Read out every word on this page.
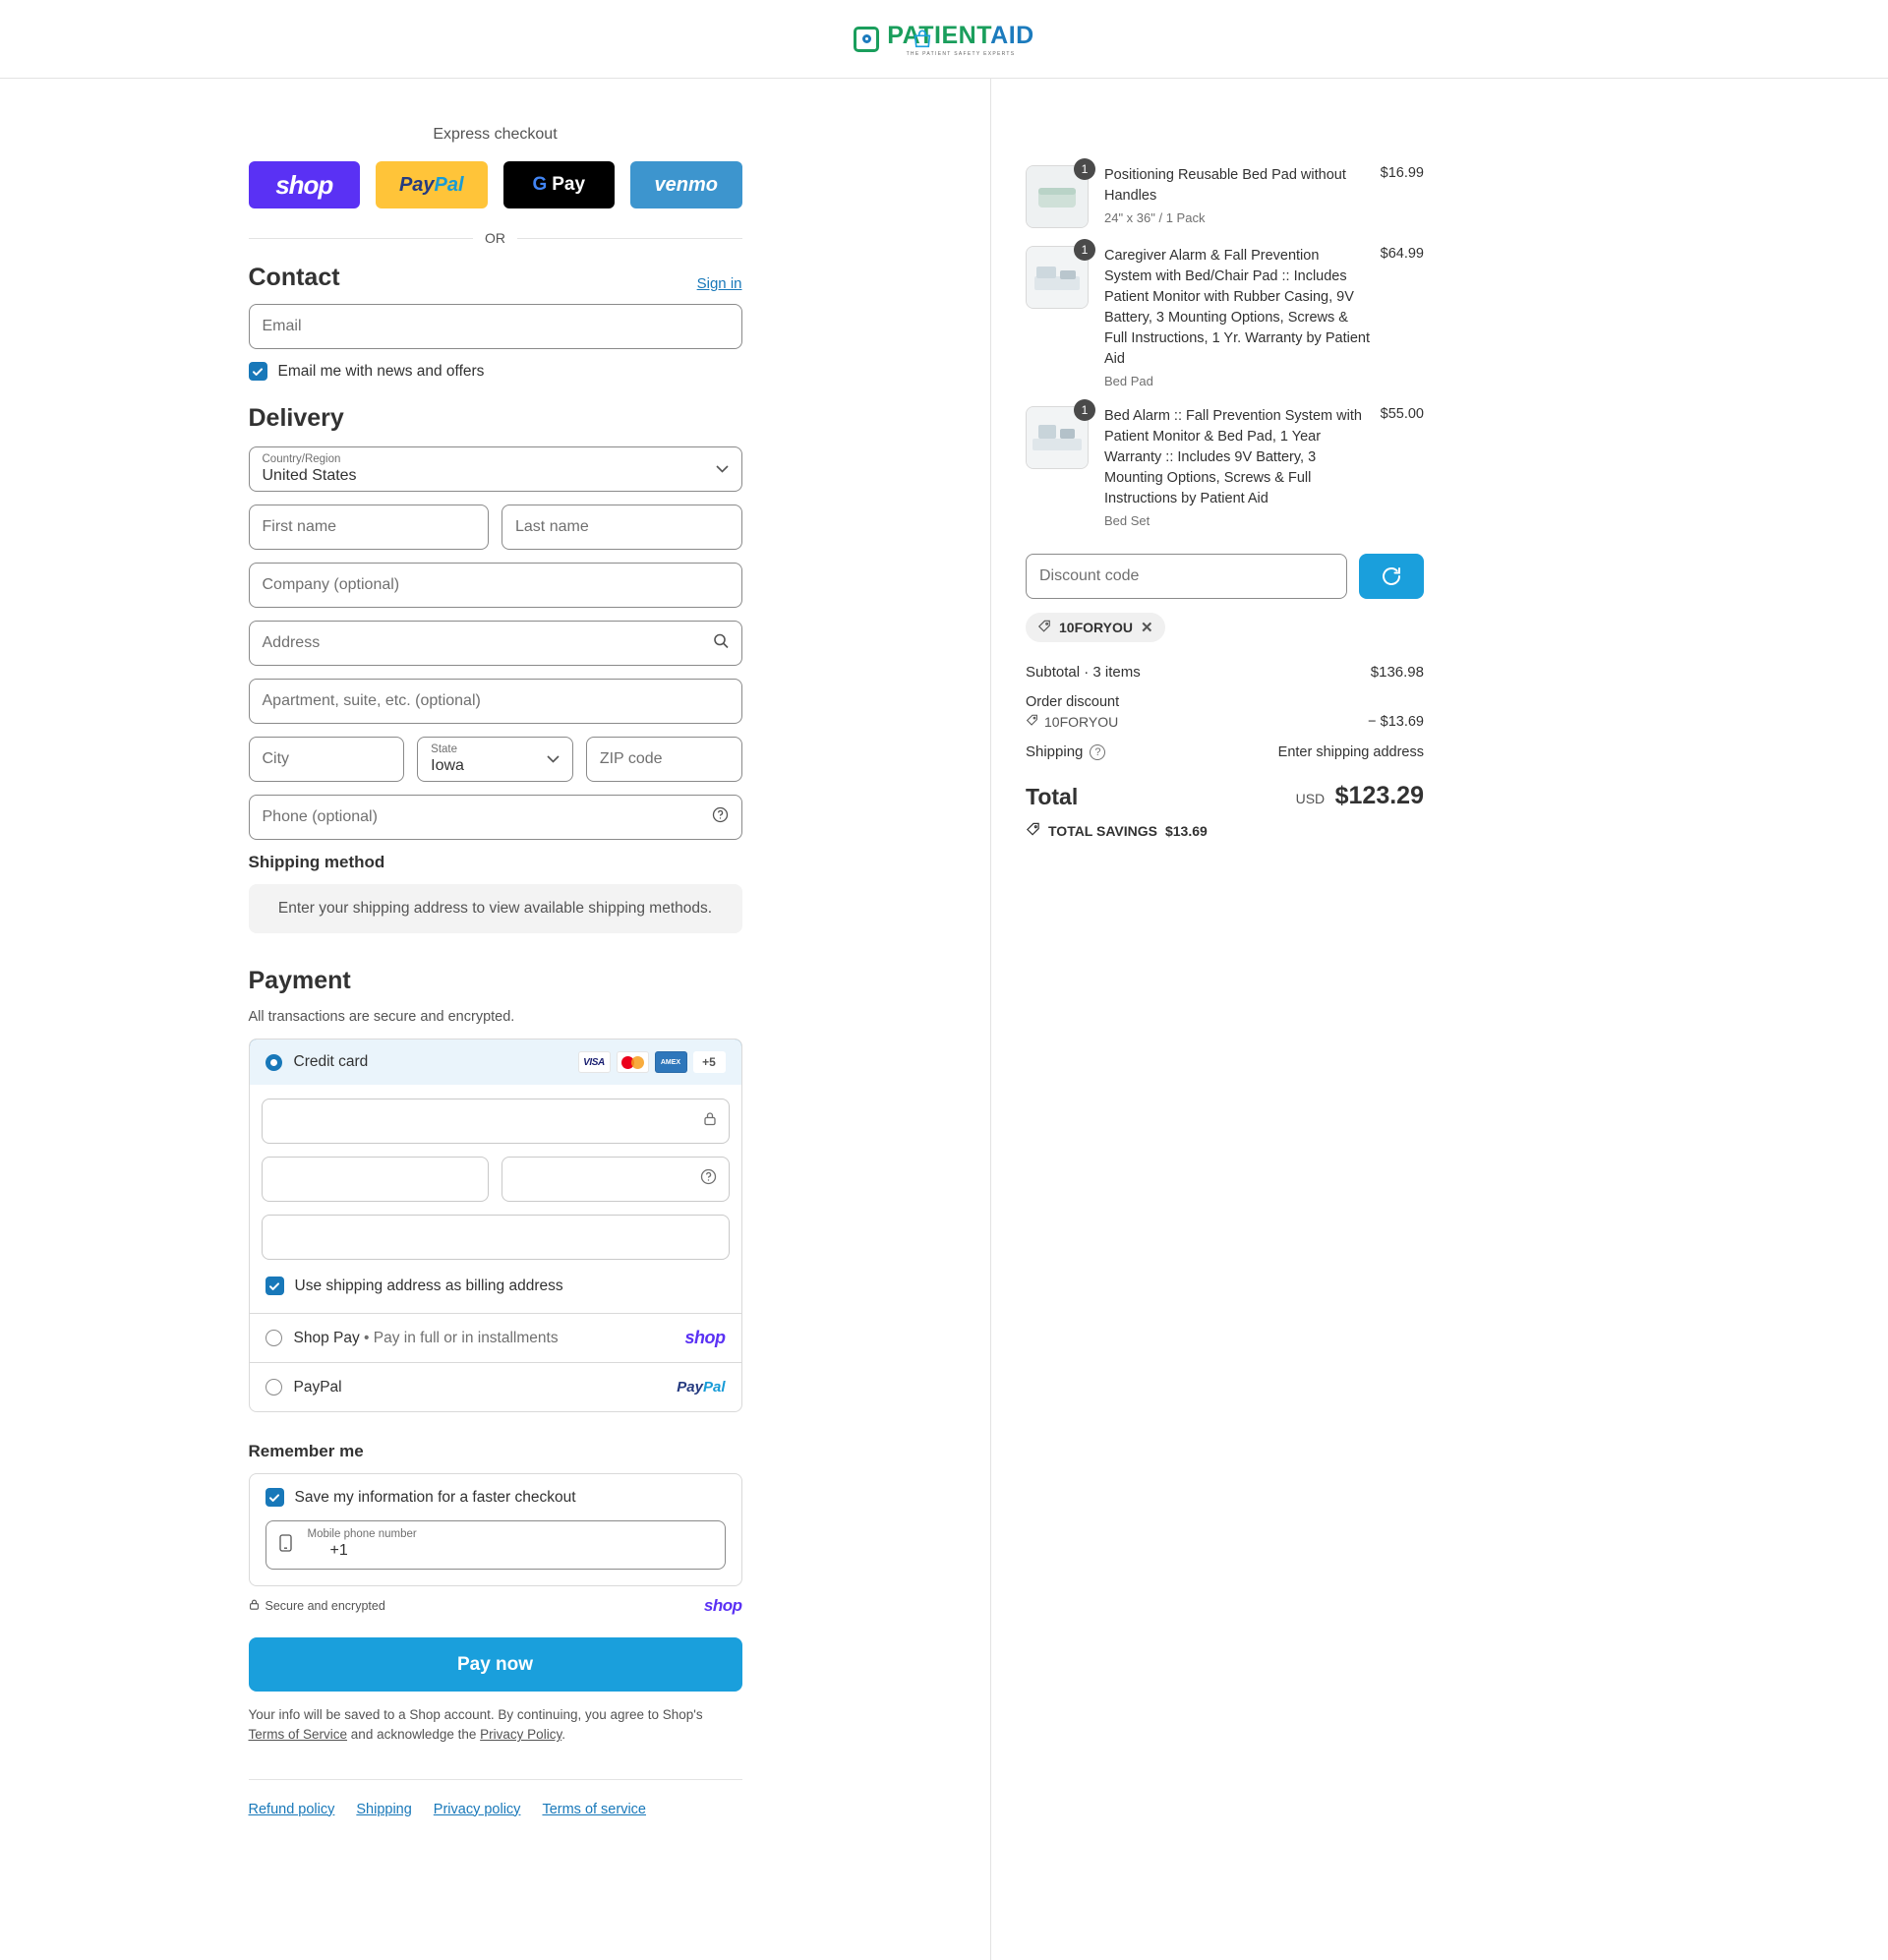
PATIENTAID
THE PATIENT SAFETY EXPERTS
Express checkout
shop	Pay Pal	G Pay	venmo
OR
Contact	Sign in
Email
Email me with news and offers
Delivery
Country/Region
United States
First name	Last name
Company (optional)
Address
Apartment, suite, etc. (optional)
City
State
Iowa	ZIP code
Phone (optional)
Shipping method
Enter your shipping address to view available shipping methods.
Payment
All transactions are secure and encrypted.
Credit card	VISA	AMEX	+5
Use shipping address as billing address
Shop Pay • Pay in full or in installments	shop
PayPal	PayPal
Remember me
Save my information for a faster checkout
Mobile phone number
+1
Secure and encrypted	shop
Pay now
Your info will be saved to a Shop account. By continuing, you agree to Shop's Terms of Service and acknowledge the Privacy Policy.
Refund policy Shipping Privacy policy Terms of service
1	Positioning Reusable Bed Pad without Handles
$16.99
24" x 36" / 1 Pack
1	Caregiver Alarm & Fall Prevention System with Bed/Chair Pad :: Includes Patient Monitor with Rubber Casing, 9V Battery, 3 Mounting Options, Screws & Full Instructions, 1 Yr. Warranty by Patient Aid
$64.99
Bed Pad
1	Bed Alarm :: Fall Prevention System with Patient Monitor & Bed Pad, 1 Year Warranty :: Includes 9V Battery, 3 Mounting Options, Screws & Full Instructions by Patient Aid
$55.00
Bed Set
Discount code
10FORYOU ✕
Subtotal · 3 items	$136.98
Order discount
10FORYOU	− $13.69
Shipping	?	Enter shipping address
Total	USD $123.29
TOTAL SAVINGS $13.69
